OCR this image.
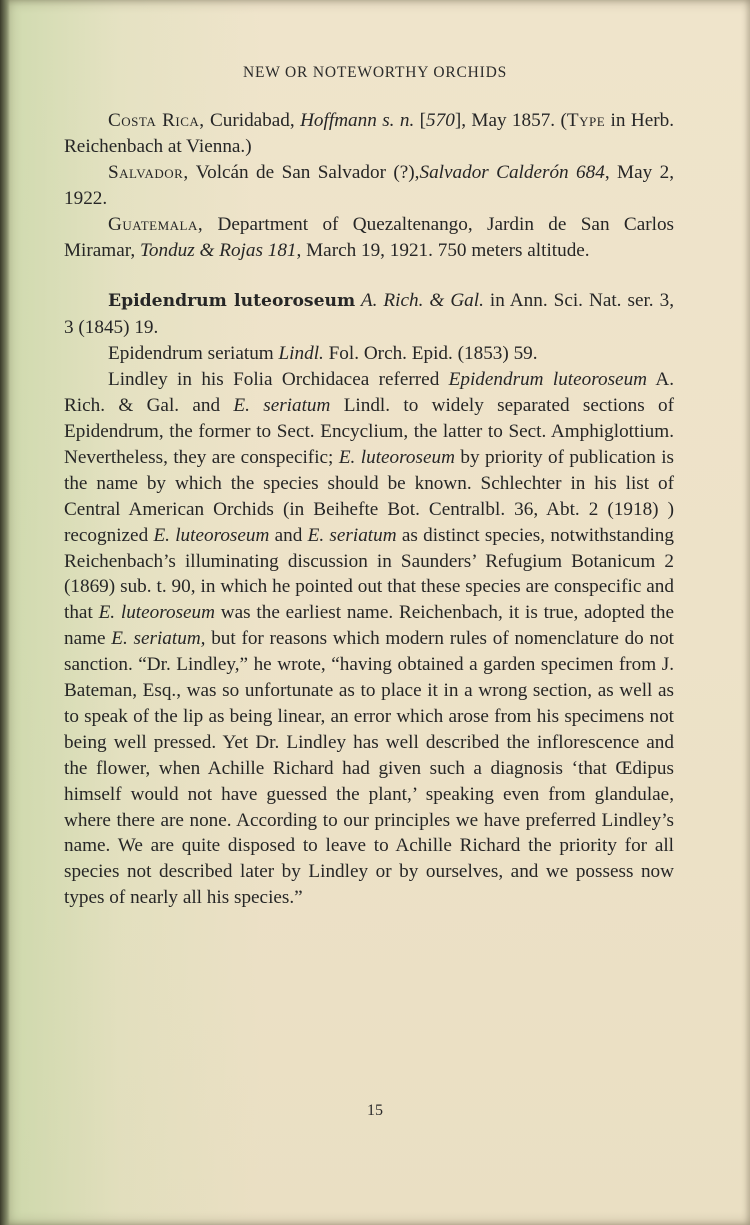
NEW OR NOTEWORTHY ORCHIDS

Costa Rica, Curidabad, Hoffmann s. n. [570], May 1857. (Type in Herb. Reichenbach at Vienna.)

Salvador, Volcán de San Salvador (?),Salvador Calderón 684, May 2, 1922.

Guatemala, Department of Quezaltenango, Jardin de San Carlos Miramar, Tonduz & Rojas 181, March 19, 1921. 750 meters altitude.

Epidendrum luteoroseum A. Rich. & Gal. in Ann. Sci. Nat. ser. 3, 3 (1845) 19.

Epidendrum seriatum Lindl. Fol. Orch. Epid. (1853) 59.

Lindley in his Folia Orchidacea referred Epidendrum luteoroseum A. Rich. & Gal. and E. seriatum Lindl. to widely separated sections of Epidendrum, the former to Sect. Encyclium, the latter to Sect. Amphiglottium. Nevertheless, they are conspecific; E. luteoroseum by priority of publication is the name by which the species should be known. Schlechter in his list of Central American Orchids (in Beihefte Bot. Centralbl. 36, Abt. 2 (1918) ) recognized E. luteoroseum and E. seriatum as distinct species, notwithstanding Reichenbach’s illuminating discussion in Saunders’ Refugium Botanicum 2 (1869) sub. t. 90, in which he pointed out that these species are conspecific and that E. luteoroseum was the earliest name. Reichenbach, it is true, adopted the name E. seriatum, but for reasons which modern rules of nomenclature do not sanction. “Dr. Lindley,” he wrote, “having obtained a garden specimen from J. Bateman, Esq., was so unfortunate as to place it in a wrong section, as well as to speak of the lip as being linear, an error which arose from his specimens not being well pressed. Yet Dr. Lindley has well described the inflorescence and the flower, when Achille Richard had given such a diagnosis ‘that Œdipus himself would not have guessed the plant,’ speaking even from glandulae, where there are none. According to our principles we have preferred Lindley’s name. We are quite disposed to leave to Achille Richard the priority for all species not described later by Lindley or by ourselves, and we possess now types of nearly all his species.”

15
